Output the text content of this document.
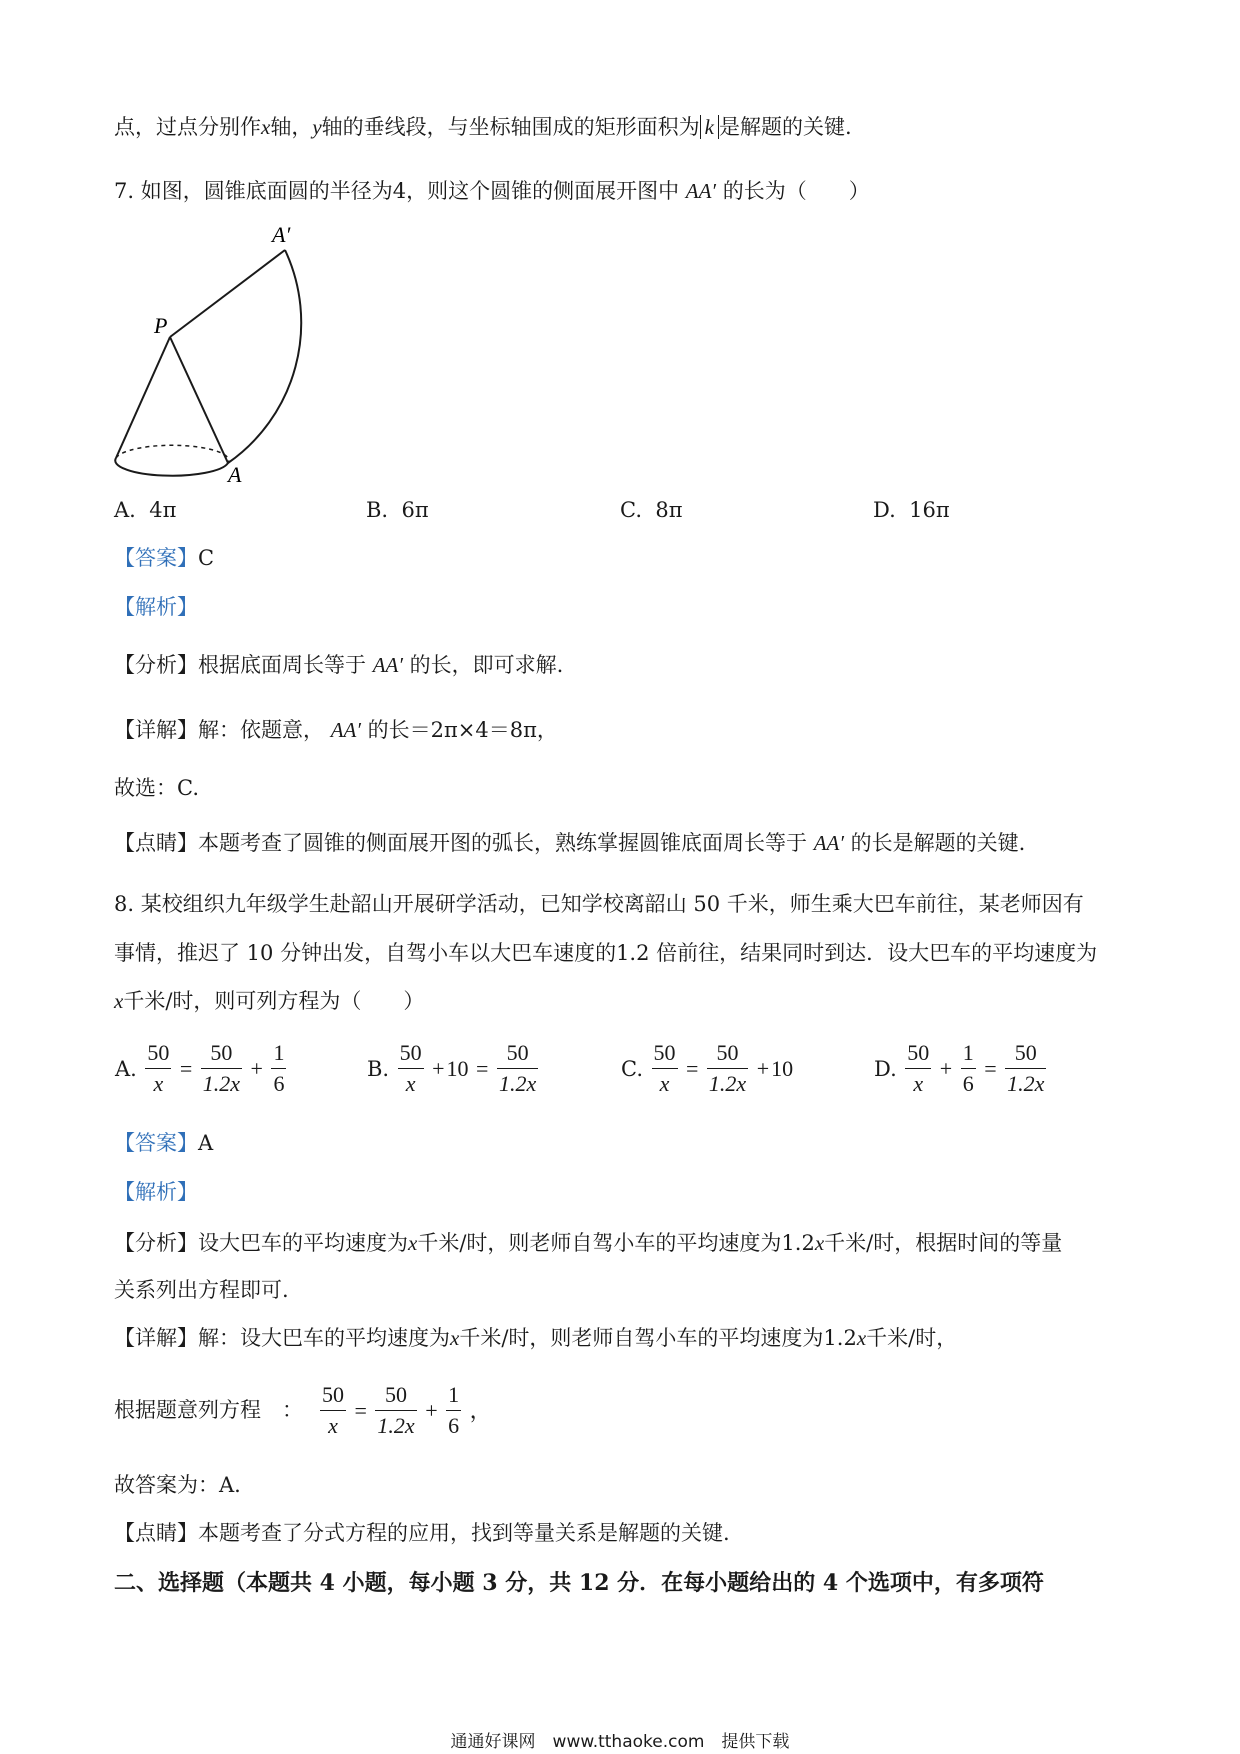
点，过点分别作x轴，y轴的垂线段，与坐标轴围成的矩形面积为 k 是解题的关键.
7. 如图，圆锥底面圆的半径为4，则这个圆锥的侧面展开图中 AA′ 的长为（　　）
A′
P
A
A. 4π	B. 6π	C. 8π	D. 16π
【答案】C
【解析】
【分析】根据底面周长等于 AA′ 的长，即可求解.
【详解】解：依题意， AA′ 的长＝2π×4＝8π，
故选：C.
【点睛】本题考查了圆锥的侧面展开图的弧长，熟练掌握圆锥底面周长等于 AA′ 的长是解题的关键.
8. 某校组织九年级学生赴韶山开展研学活动，已知学校离韶山 50 千米，师生乘大巴车前往，某老师因有
事情，推迟了 10 分钟出发，自驾小车以大巴车速度的1.2 倍前往，结果同时到达．设大巴车的平均速度为
x千米/时，则可列方程为（　　）
A. $\frac{50}{x} = \frac{50}{1.2x} + \frac{1}{6}$	B. $\frac{50}{x} +10 = \frac{50}{1.2x}$	C. $\frac{50}{x} = \frac{50}{1.2x} +10$	D. $\frac{50}{x} + \frac{1}{6} = \frac{50}{1.2x}$
【答案】A
【解析】
【分析】设大巴车的平均速度为x千米/时，则老师自驾小车的平均速度为1.2x千米/时，根据时间的等量
关系列出方程即可.
【详解】解：设大巴车的平均速度为x千米/时，则老师自驾小车的平均速度为1.2x千米/时，
根据题意列方程　： $\frac{50}{x} = \frac{50}{1.2x} + \frac{1}{6}$ ，
故答案为：A.
【点睛】本题考查了分式方程的应用，找到等量关系是解题的关键.
二、选择题（本题共 4 小题，每小题 3 分，共 12 分．在每小题给出的 4 个选项中，有多项符
通通好课网　www.tthaoke.com　提供下载
